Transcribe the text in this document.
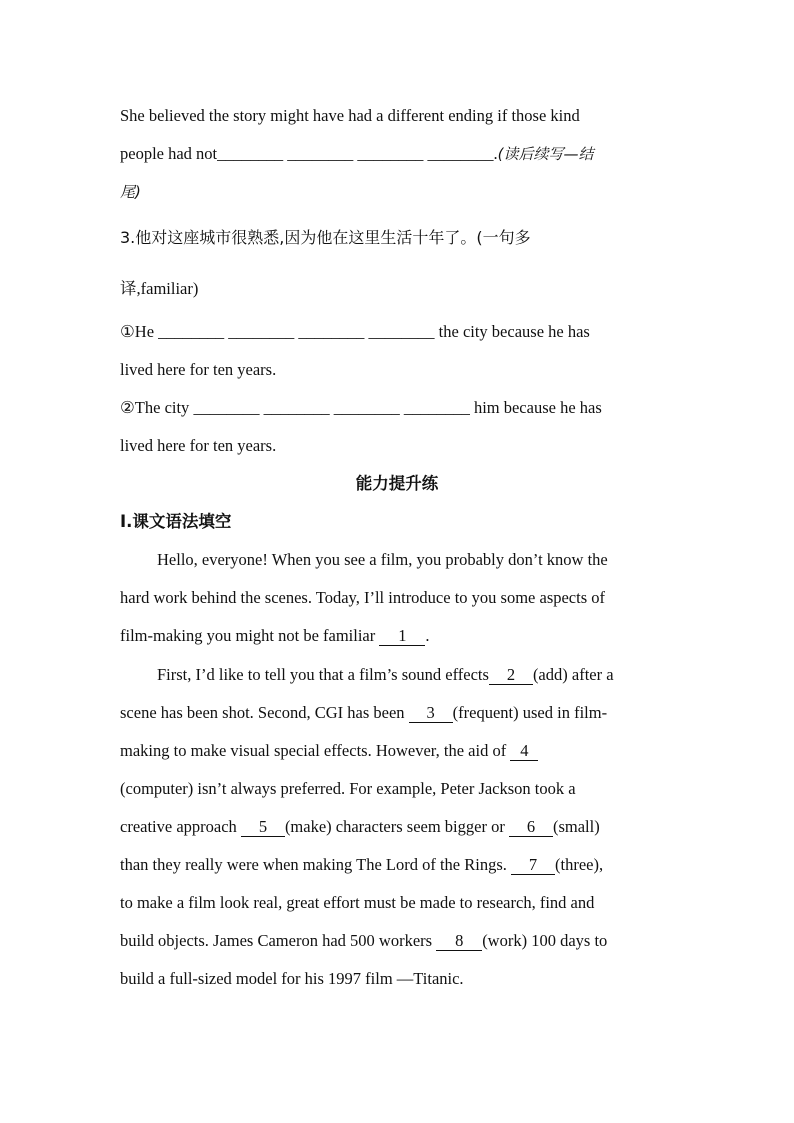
She believed the story might have had a different ending if those kind
people had not________ ________ ________ ________.(读后续写—结
尾)
3.他对这座城市很熟悉,因为他在这里生活十年了。(一句多
译,familiar)
①He ________ ________ ________ ________ the city because he has
lived here for ten years.
②The city ________ ________ ________ ________ him because he has
lived here for ten years.
能力提升练
Ⅰ.课文语法填空
Hello, everyone! When you see a film, you probably don’t know the
hard work behind the scenes. Today, I’ll introduce to you some aspects of
film-making you might not be familiar 1 .
First, I’d like to tell you that a film’s sound effects 2 (add) after a
scene has been shot. Second, CGI has been 3 (frequent) used in film-
making to make visual special effects. However, the aid of 4
(computer) isn’t always preferred. For example, Peter Jackson took a
creative approach 5 (make) characters seem bigger or 6 (small)
than they really were when making The Lord of the Rings. 7 (three),
to make a film look real, great effort must be made to research, find and
build objects. James Cameron had 500 workers 8 (work) 100 days to
build a full-sized model for his 1997 film —Titanic.
